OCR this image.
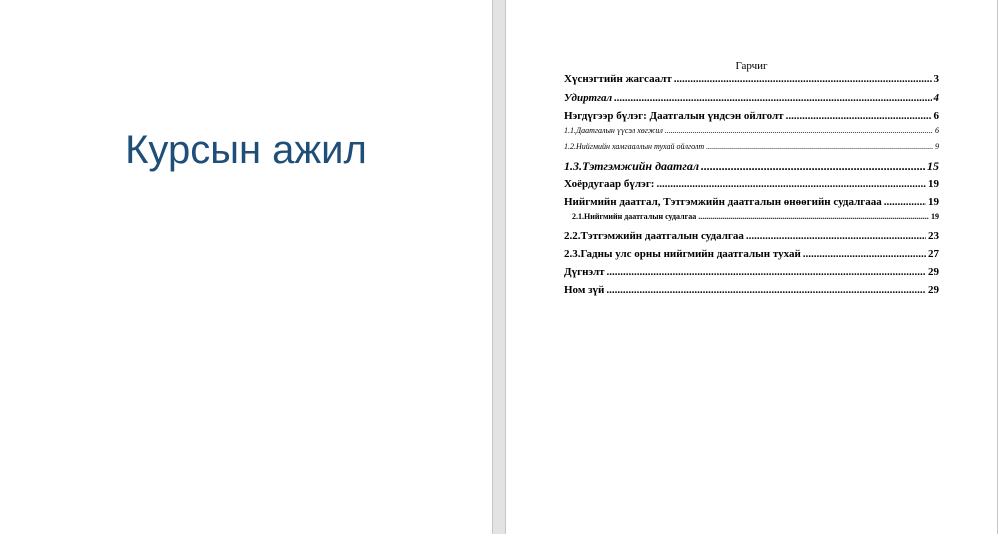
Курсын ажил
Гарчиг
Хүснэгтийн жагсаалт .....	3
Удиртгал .....	4
Нэгдүгээр бүлэг: Даатгалын үндсэн ойлголт .....	6
1.1.Даатгалын үүсэл хөгжил .....	6
1.2.Нийгмийн хамгааллын тухай ойлголт .....	9
1.3.Тэтгэмжийн даатгал .....	15
Хоёрдугаар бүлэг: .....	19
Нийгмийн даатгал, Тэтгэмжийн даатгалын өнөөгийн судалгааа .....	19
2.1.Нийгмийн даатгалын судалгаа .....	19
2.2.Тэтгэмжийн даатгалын судалгаа .....	23
2.3.Гадны улс орны нийгмийн даатгалын тухай .....	27
Дүгнэлт .....	29
Ном зүй .....	29
